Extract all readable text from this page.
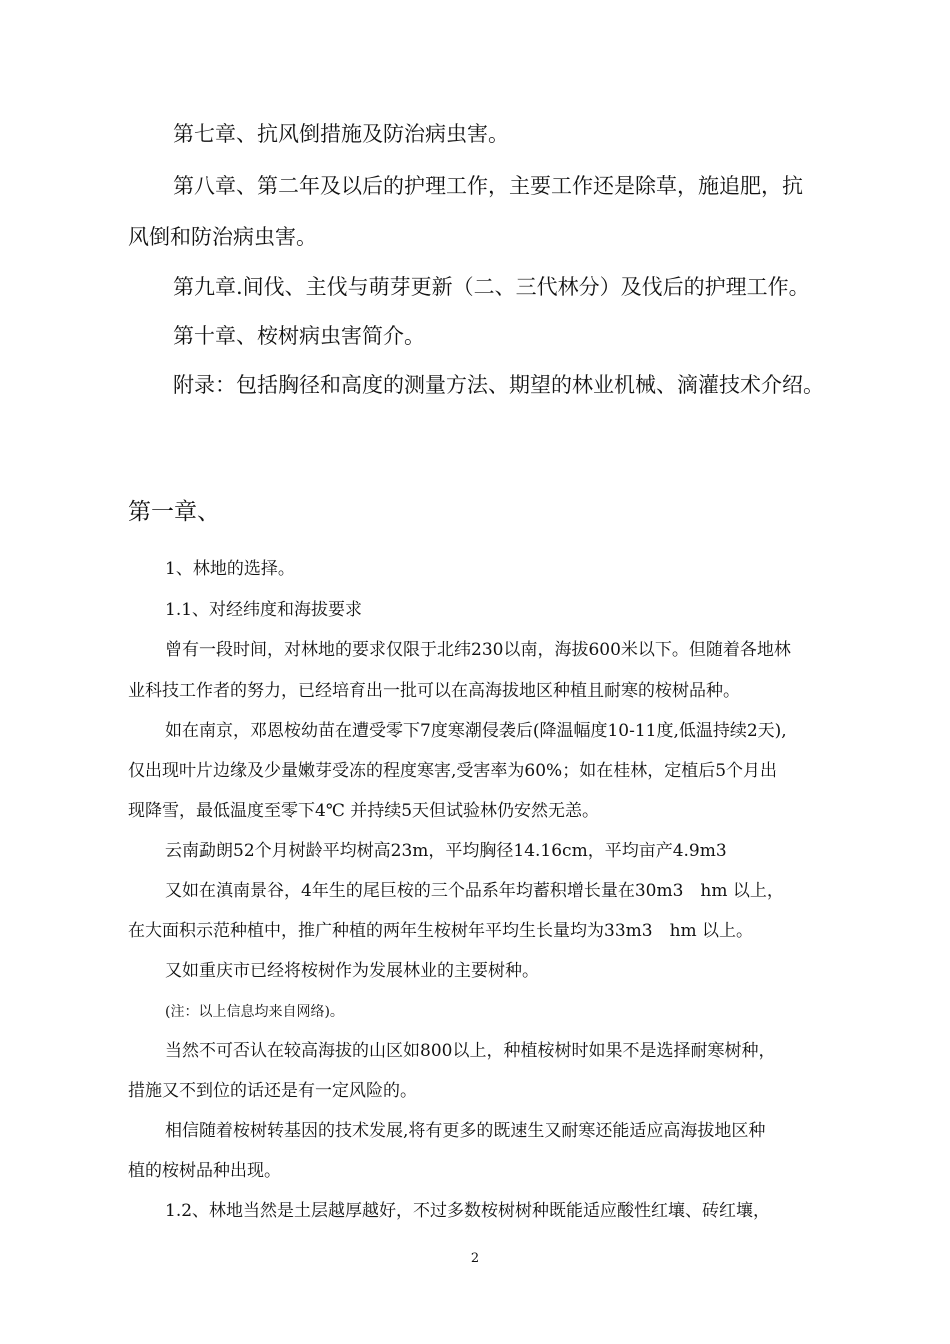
第七章、抗风倒措施及防治病虫害。
第八章、第二年及以后的护理工作，主要工作还是除草，施追肥，抗
风倒和防治病虫害。
第九章.间伐、主伐与萌芽更新（二、三代林分）及伐后的护理工作。
第十章、桉树病虫害简介。
附录：包括胸径和高度的测量方法、期望的林业机械、滴灌技术介绍。
第一章、
1、林地的选择。
1.1、对经纬度和海拔要求
曾有一段时间，对林地的要求仅限于北纬230以南，海拔600米以下。但随着各地林
业科技工作者的努力，已经培育出一批可以在高海拔地区种植且耐寒的桉树品种。
如在南京，邓恩桉幼苗在遭受零下7度寒潮侵袭后(降温幅度10-11度,低温持续2天),
仅出现叶片边缘及少量嫩芽受冻的程度寒害,受害率为60%；如在桂林，定植后5个月出
现降雪，最低温度至零下4℃ 并持续5天但试验林仍安然无恙。
云南勐朗52个月树龄平均树高23m，平均胸径14.16cm，平均亩产4.9m3
又如在滇南景谷，4年生的尾巨桉的三个品系年均蓄积增长量在30m3　hm 以上，
在大面积示范种植中，推广种植的两年生桉树年平均生长量均为33m3　hm 以上。
又如重庆市已经将桉树作为发展林业的主要树种。
(注：以上信息均来自网络)。
当然不可否认在较高海拔的山区如800以上，种植桉树时如果不是选择耐寒树种，
措施又不到位的话还是有一定风险的。
相信随着桉树转基因的技术发展,将有更多的既速生又耐寒还能适应高海拔地区种
植的桉树品种出现。
1.2、林地当然是土层越厚越好，不过多数桉树树种既能适应酸性红壤、砖红壤，
2
